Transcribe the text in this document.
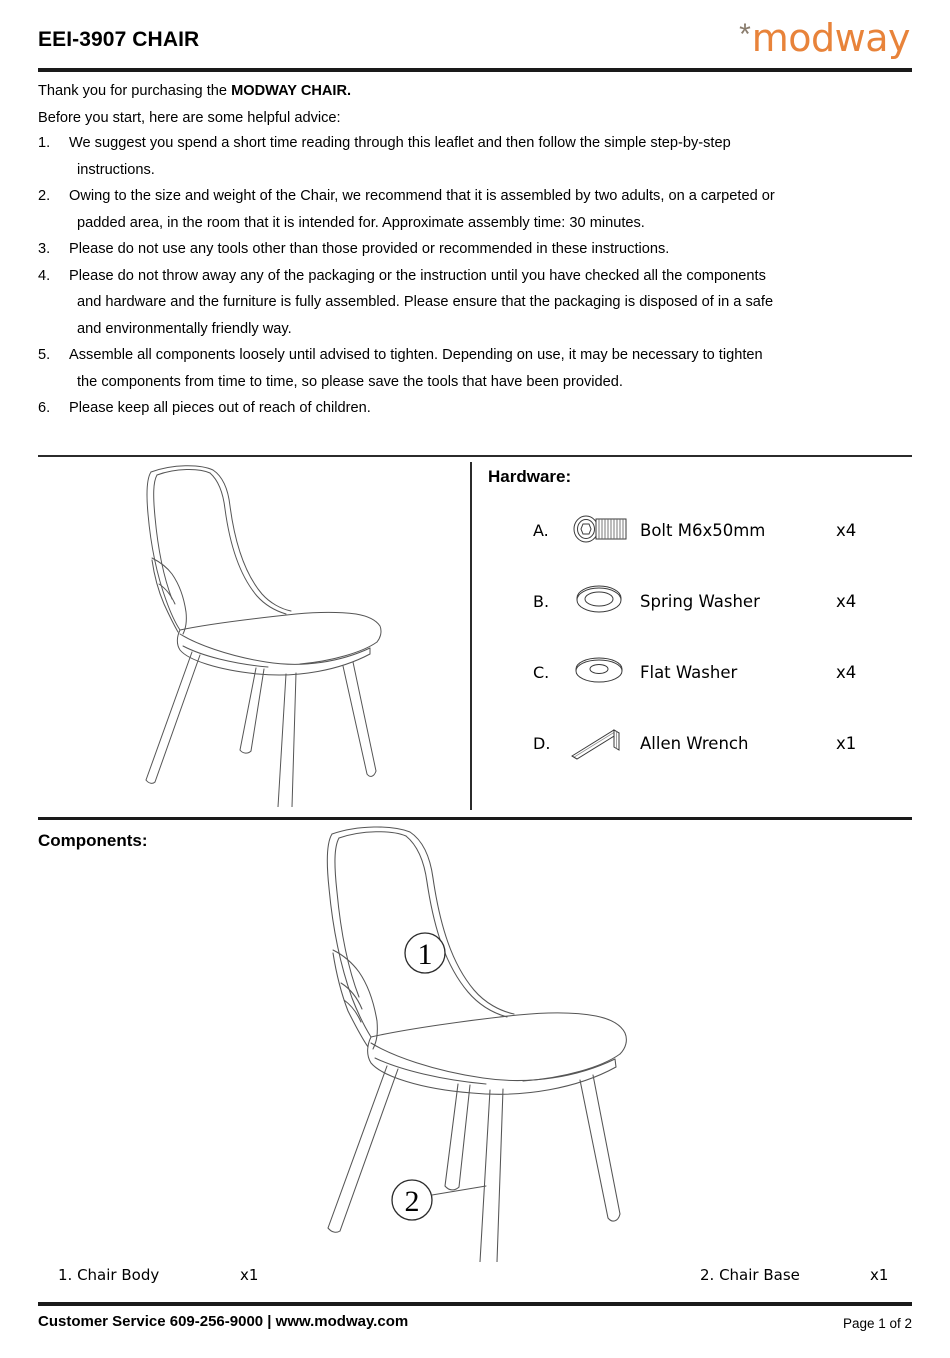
EEI-3907 CHAIR	* modway
Thank you for purchasing the MODWAY CHAIR.
Before you start, here are some helpful advice:
1. We suggest you spend a short time reading through this leaflet and then follow the simple step-by-step
instructions.
2. Owing to the size and weight of the Chair, we recommend that it is assembled by two adults, on a carpeted or
padded area, in the room that it is intended for. Approximate assembly time: 30 minutes.
3. Please do not use any tools other than those provided or recommended in these instructions.
4. Please do not throw away any of the packaging or the instruction until you have checked all the components
and hardware and the furniture is fully assembled. Please ensure that the packaging is disposed of in a safe
and environmentally friendly way.
5. Assemble all components loosely until advised to tighten. Depending on use, it may be necessary to tighten
the components from time to time, so please save the tools that have been provided.
6. Please keep all pieces out of reach of children.
Hardware:
A.	Bolt M6x50mm	x4
B.	Spring Washer	x4
C.	Flat Washer	x4
D.	Allen Wrench	x1
Components:
1
2
1. Chair Body	x1	2. Chair Base	x1
Customer Service 609-256-9000 | www.modway.com	Page 1 of 2
